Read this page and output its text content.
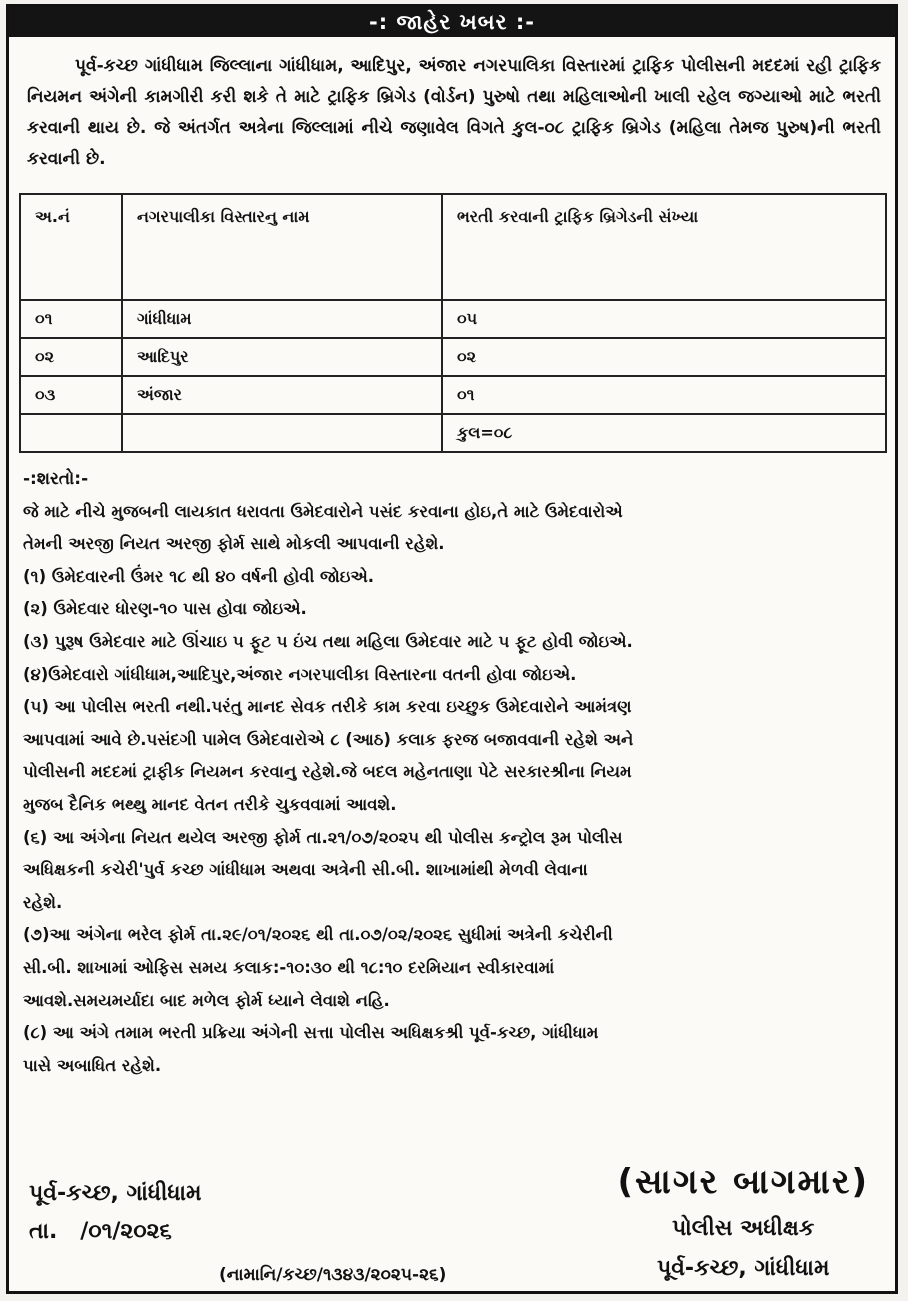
-: જાહેર ખબર :-

પૂર્વ-કચ્છ ગાંધીધામ જિલ્લાના ગાંધીધામ, આદિપુર, અંજાર નગરપાલિકા વિસ્તારમાં ટ્રાફિક પોલીસની મદદમાં રહી ટ્રાફિક નિયમન અંગેની કામગીરી કરી શકે તે માટે ટ્રાફિક બ્રિગેડ (વોર્ડન) પુરુષો તથા મહિલાઓની ખાલી રહેલ જગ્યાઓ માટે ભરતી કરવાની થાય છે. જે અંતર્ગત અત્રેના જિલ્લામાં નીચે જણાવેલ વિગતે કુલ-૦૮ ટ્રાફિક બ્રિગેડ (મહિલા તેમજ પુરુષ)ની ભરતી કરવાની છે.

અ.નં	નગરપાલીકા વિસ્તારનુ નામ	ભરતી કરવાની ટ્રાફિક બ્રિગેડની સંખ્યા
૦૧	ગાંધીધામ	૦૫
૦૨	આદિપુર	૦૨
૦૩	અંજાર	૦૧
		કુલ=૦૮
-:શરતો:-
જે માટે નીચે મુજબની લાયકાત ધરાવતા ઉમેદવારોને પસંદ કરવાના હોઇ,તે માટે ઉમેદવારોએ
તેમની અરજી નિયત અરજી ફોર્મ સાથે મોકલી આપવાની રહેશે.
(૧) ઉમેદવારની ઉંમર ૧૮ થી ૪૦ વર્ષની હોવી જોઇએ.
(૨) ઉમેદવાર ધોરણ-૧૦ પાસ હોવા જોઇએ.
(૩) પુરૂષ ઉમેદવાર માટે ઊંચાઇ ૫ ફૂટ ૫ ઇંચ તથા મહિલા ઉમેદવાર માટે ૫ ફૂટ હોવી જોઇએ.
(૪)ઉમેદવારો ગાંધીધામ,આદિપુર,અંજાર નગરપાલીકા વિસ્તારના વતની હોવા જોઇએ.
(૫) આ પોલીસ ભરતી નથી.પરંતુ માનદ સેવક તરીકે કામ કરવા ઇચ્છુક ઉમેદવારોને આમંત્રણ
આપવામાં આવે છે.પસંદગી પામેલ ઉમેદવારોએ ૮ (આઠ) કલાક ફરજ બજાવવાની રહેશે અને
પોલીસની મદદમાં ટ્રાફીક નિયમન કરવાનુ રહેશે.જે બદલ મહેનતાણા પેટે સરકારશ્રીના નિયમ
મુજબ દૈનિક ભથ્થુ માનદ વેતન તરીકે ચુકવવામાં આવશે.
(૬) આ અંગેના નિયત થયેલ અરજી ફોર્મ તા.૨૧/૦૭/૨૦૨૫ થી પોલીસ કન્ટ્રોલ રૂમ પોલીસ
અધિક્ષકની કચેરી'પુર્વ કચ્છ ગાંધીધામ અથવા અત્રેની સી.બી. શાખામાંથી મેળવી લેવાના
રહેશે.
(૭)આ અંગેના ભરેલ ફોર્મ તા.૨૯/૦૧/૨૦૨૬ થી તા.૦૭/૦૨/૨૦૨૬ સુધીમાં અત્રેની કચેરીની
સી.બી. શાખામાં ઓફિસ સમય કલાક:-૧૦:૩૦ થી ૧૮:૧૦ દરમિયાન સ્વીકારવામાં
આવશે.સમયમર્યાદા બાદ મળેલ ફોર્મ ધ્યાને લેવાશે નહિ.
(૮) આ અંગે તમામ ભરતી પ્રક્રિયા અંગેની સત્તા પોલીસ અધિક્ષકશ્રી પૂર્વ-કચ્છ, ગાંધીધામ
પાસે અબાધિત રહેશે.
પૂર્વ-કચ્છ, ગાંધીધામ
તા.   /૦૧/૨૦૨૬
(નામાનિ/કચ્છ/૧૩૪૩/૨૦૨૫-૨૬)
(સાગર બાગમાર)
પોલીસ અધીક્ષક
પૂર્વ-કચ્છ, ગાંધીધામ
